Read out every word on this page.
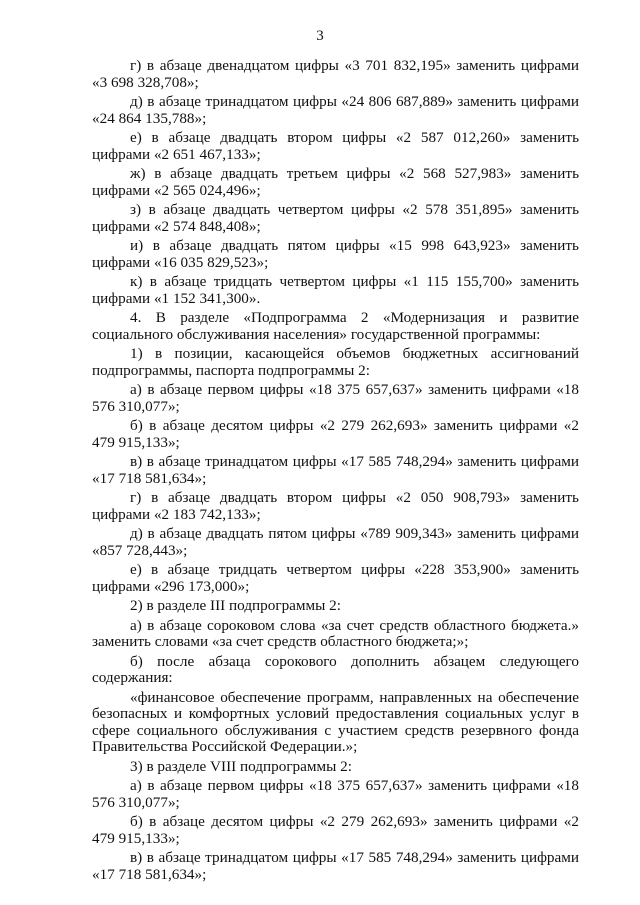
3

г) в абзаце двенадцатом цифры «3 701 832,195» заменить цифрами «3 698 328,708»;

д) в абзаце тринадцатом цифры «24 806 687,889» заменить цифрами «24 864 135,788»;

е) в абзаце двадцать втором цифры «2 587 012,260» заменить цифрами «2 651 467,133»;

ж) в абзаце двадцать третьем цифры «2 568 527,983» заменить цифрами «2 565 024,496»;

з) в абзаце двадцать четвертом цифры «2 578 351,895» заменить цифрами «2 574 848,408»;

и) в абзаце двадцать пятом цифры «15 998 643,923» заменить цифрами «16 035 829,523»;

к) в абзаце тридцать четвертом цифры «1 115 155,700» заменить цифрами «1 152 341,300».

4. В разделе «Подпрограмма 2 «Модернизация и развитие социального обслуживания населения» государственной программы:

1) в позиции, касающейся объемов бюджетных ассигнований подпрограммы, паспорта подпрограммы 2:

а) в абзаце первом цифры «18 375 657,637» заменить цифрами «18 576 310,077»;

б) в абзаце десятом цифры «2 279 262,693» заменить цифрами «2 479 915,133»;

в) в абзаце тринадцатом цифры «17 585 748,294» заменить цифрами «17 718 581,634»;

г) в абзаце двадцать втором цифры «2 050 908,793» заменить цифрами «2 183 742,133»;

д) в абзаце двадцать пятом цифры «789 909,343» заменить цифрами «857 728,443»;

е) в абзаце тридцать четвертом цифры «228 353,900» заменить цифрами «296 173,000»;

2) в разделе III подпрограммы 2:

а) в абзаце сороковом слова «за счет средств областного бюджета.» заменить словами «за счет средств областного бюджета;»;

б) после абзаца сорокового дополнить абзацем следующего содержания:

«финансовое обеспечение программ, направленных на обеспечение безопасных и комфортных условий предоставления социальных услуг в сфере социального обслуживания с участием средств резервного фонда Правительства Российской Федерации.»;

3) в разделе VIII подпрограммы 2:

а) в абзаце первом цифры «18 375 657,637» заменить цифрами «18 576 310,077»;

б) в абзаце десятом цифры «2 279 262,693» заменить цифрами «2 479 915,133»;

в) в абзаце тринадцатом цифры «17 585 748,294» заменить цифрами «17 718 581,634»;
